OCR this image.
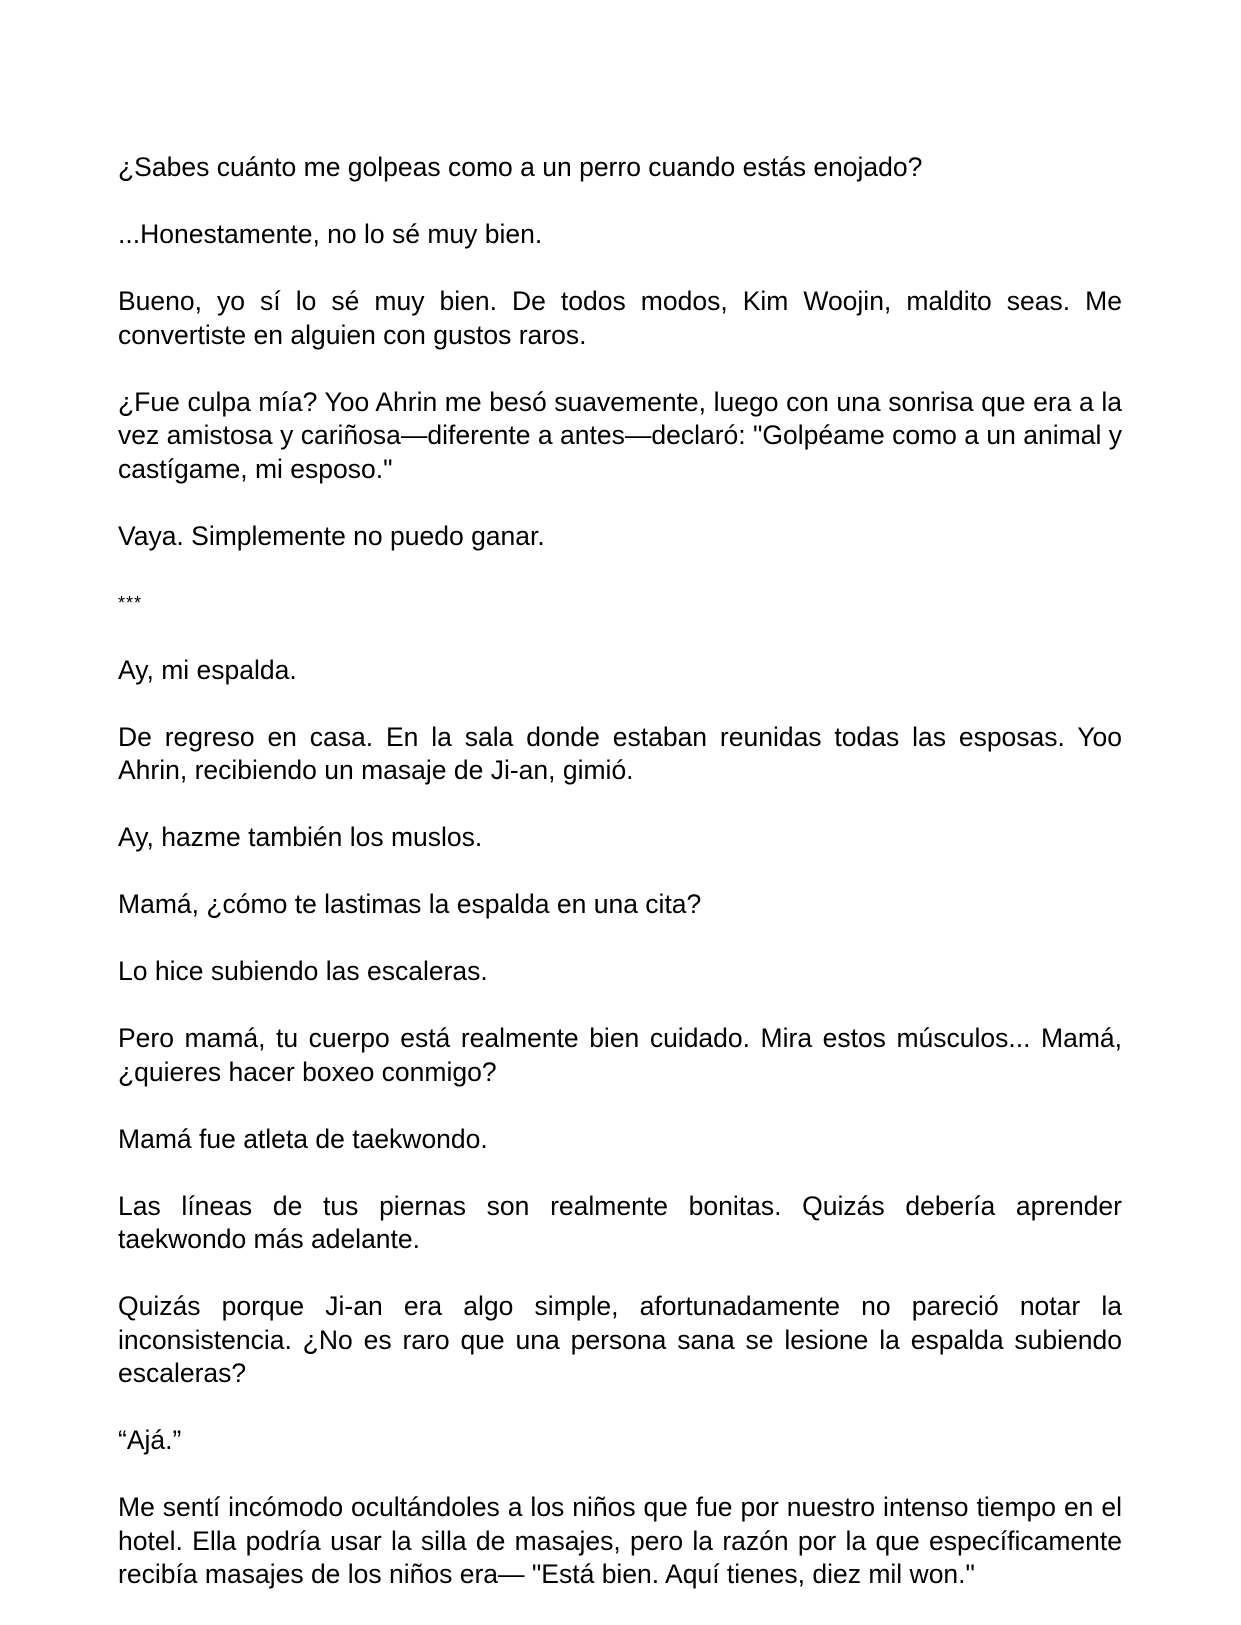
¿Sabes cuánto me golpeas como a un perro cuando estás enojado?

...Honestamente, no lo sé muy bien.

Bueno, yo sí lo sé muy bien. De todos modos, Kim Woojin, maldito seas. Me convertiste en alguien con gustos raros.

¿Fue culpa mía? Yoo Ahrin me besó suavemente, luego con una sonrisa que era a la vez amistosa y cariñosa—diferente a antes—declaró: "Golpéame como a un animal y castígame, mi esposo."

Vaya. Simplemente no puedo ganar.

***

Ay, mi espalda.

De regreso en casa. En la sala donde estaban reunidas todas las esposas. Yoo Ahrin, recibiendo un masaje de Ji-an, gimió.

Ay, hazme también los muslos.

Mamá, ¿cómo te lastimas la espalda en una cita?

Lo hice subiendo las escaleras.

Pero mamá, tu cuerpo está realmente bien cuidado. Mira estos músculos... Mamá, ¿quieres hacer boxeo conmigo?

Mamá fue atleta de taekwondo.

Las líneas de tus piernas son realmente bonitas. Quizás debería aprender taekwondo más adelante.

Quizás porque Ji-an era algo simple, afortunadamente no pareció notar la inconsistencia. ¿No es raro que una persona sana se lesione la espalda subiendo escaleras?

“Ajá.”

Me sentí incómodo ocultándoles a los niños que fue por nuestro intenso tiempo en el hotel. Ella podría usar la silla de masajes, pero la razón por la que específicamente recibía masajes de los niños era— "Está bien. Aquí tienes, diez mil won."
